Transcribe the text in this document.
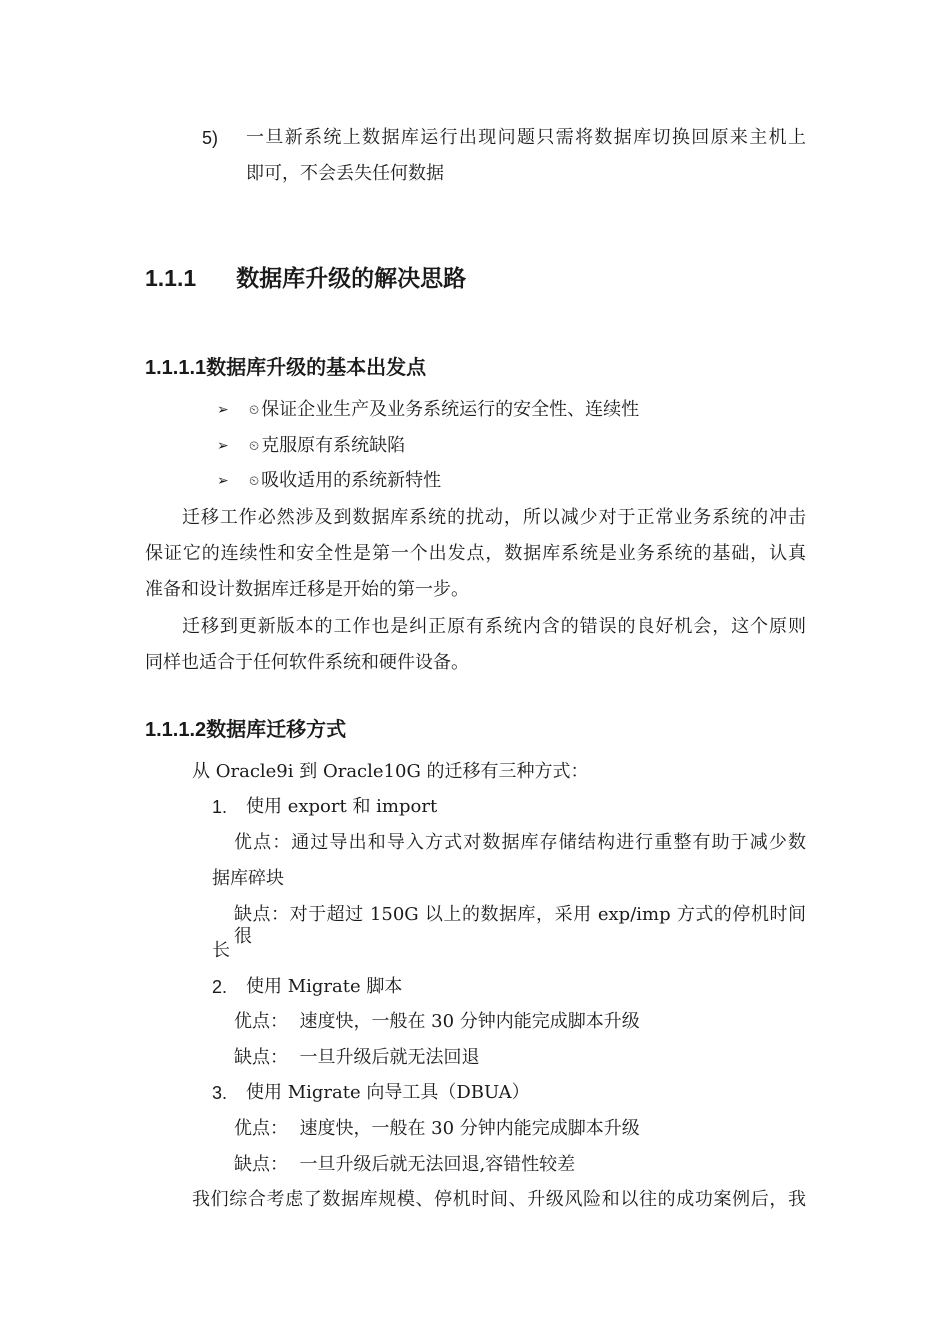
5) 一旦新系统上数据库运行出现问题只需将数据库切换回原来主机上
即可，不会丢失任何数据
1.1.1 数据库升级的解决思路
1.1.1.1数据库升级的基本出发点
➢ ⏲ 保证企业生产及业务系统运行的安全性、连续性
➢ ⏲ 克服原有系统缺陷
➢ ⏲ 吸收适用的系统新特性
迁移工作必然涉及到数据库系统的扰动，所以减少对于正常业务系统的冲击
保证它的连续性和安全性是第一个出发点，数据库系统是业务系统的基础，认真
准备和设计数据库迁移是开始的第一步。
迁移到更新版本的工作也是纠正原有系统内含的错误的良好机会，这个原则
同样也适合于任何软件系统和硬件设备。
1.1.1.2数据库迁移方式
从 Oracle9i 到 Oracle10G 的迁移有三种方式：
1. 使用 export 和 import
优点：通过导出和导入方式对数据库存储结构进行重整有助于减少数
据库碎块
缺点：对于超过 150G 以上的数据库，采用 exp/imp 方式的停机时间很
长
2. 使用 Migrate 脚本
优点：  速度快，一般在 30 分钟内能完成脚本升级
缺点：  一旦升级后就无法回退
3. 使用 Migrate 向导工具（DBUA）
优点：  速度快，一般在 30 分钟内能完成脚本升级
缺点：  一旦升级后就无法回退,容错性较差
我们综合考虑了数据库规模、停机时间、升级风险和以往的成功案例后，我
